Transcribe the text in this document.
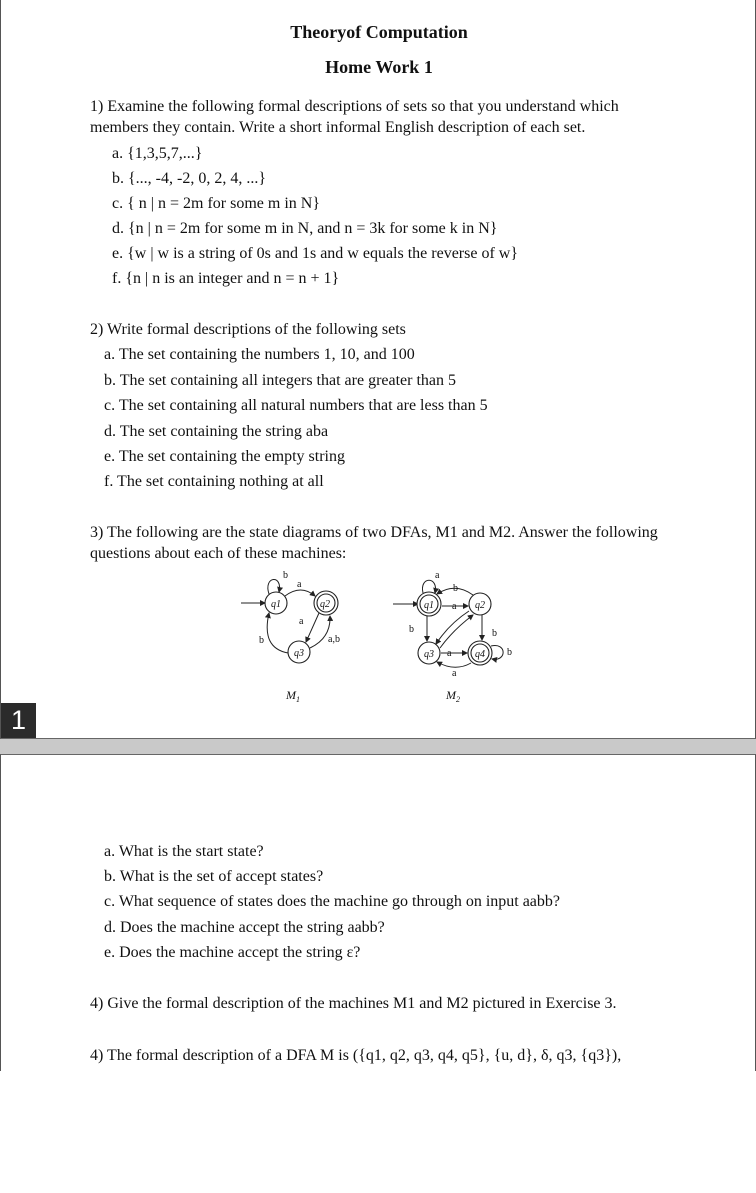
Theoryof Computation
Home Work 1
1) Examine the following formal descriptions of sets so that you understand which members they contain. Write a short informal English description of each set.
a. {1,3,5,7,...}
b. {..., -4, -2, 0, 2, 4, ...}
c. { n | n = 2m for some m in N}
d. {n | n = 2m for some m in N, and n = 3k for some k in N}
e. {w | w is a string of 0s and 1s and w equals the reverse of w}
f. {n | n is an integer and n = n + 1}
2) Write formal descriptions of the following sets
a. The set containing the numbers 1, 10, and 100
b. The set containing all integers that are greater than 5
c. The set containing all natural numbers that are less than 5
d. The set containing the string aba
e. The set containing the empty string
f. The set containing nothing at all
3) The following are the state diagrams of two DFAs, M1 and M2. Answer the following questions about each of these machines:
q1	q2
q3
b
a
a
a,b
b
$M_1$
q1	q2
q3	q4
a
a
b
b	b
a
a
b
$M_2$
1
a. What is the start state?
b. What is the set of accept states?
c. What sequence of states does the machine go through on input aabb?
d. Does the machine accept the string aabb?
e. Does the machine accept the string ε?
4) Give the formal description of the machines M1 and M2 pictured in Exercise 3.
4) The formal description of a DFA M is ({q1, q2, q3, q4, q5}, {u, d}, δ, q3, {q3}),
